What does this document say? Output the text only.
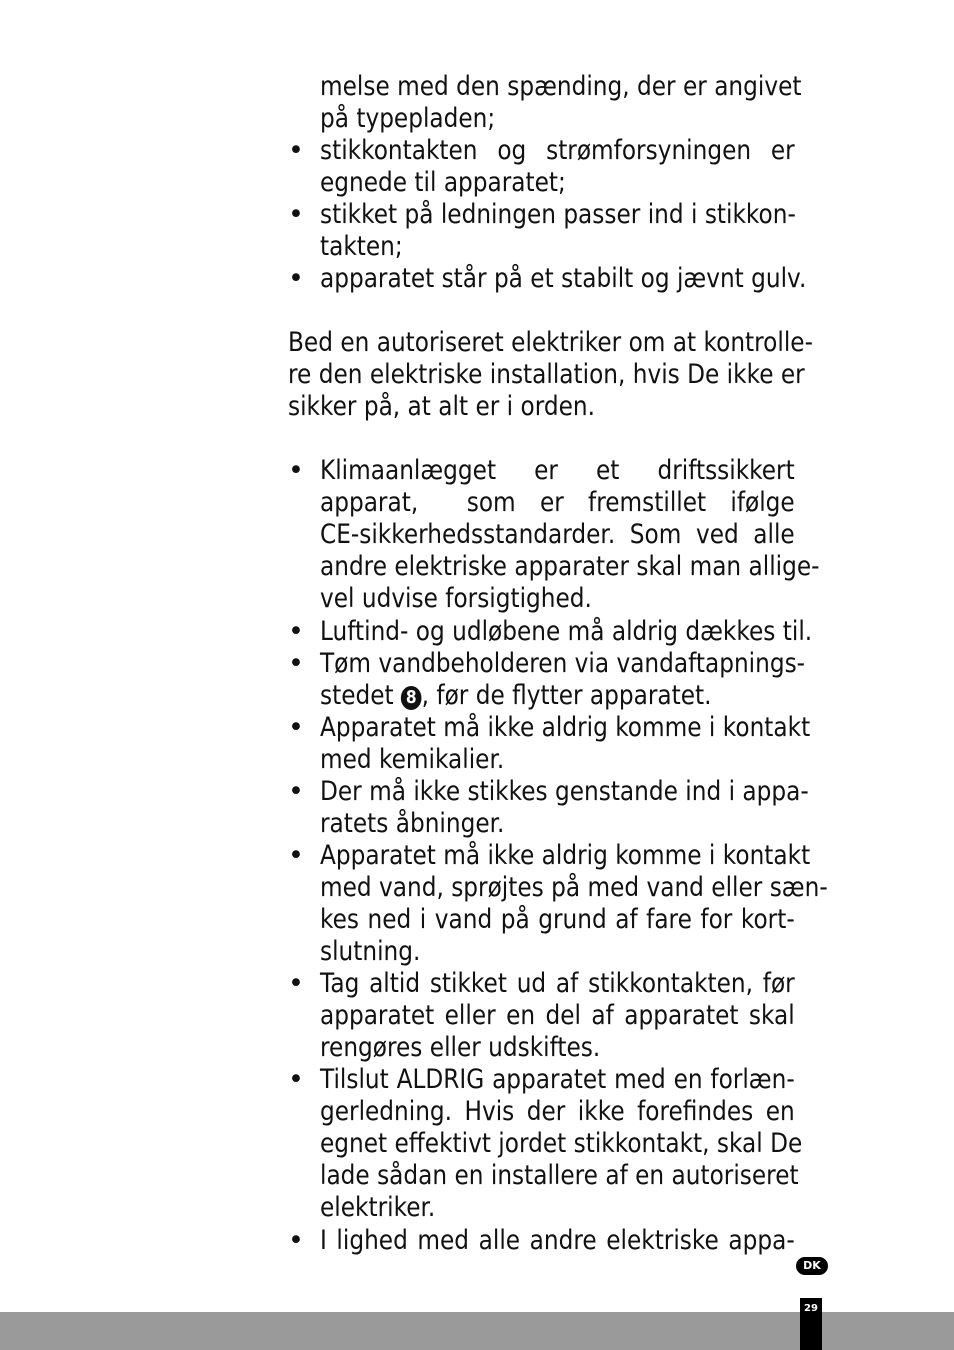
melse med den spænding, der er angivet
på typepladen;
• stikkontakten og strømforsyningen er
egnede til apparatet;
• stikket på ledningen passer ind i stikkon-
takten;
• apparatet står på et stabilt og jævnt gulv.
Bed en autoriseret elektriker om at kontrolle-
re den elektriske installation, hvis De ikke er
sikker på, at alt er i orden.
• Klimaanlægget er et driftssikkert
apparat,  som er fremstillet ifølge
CE-sikkerhedsstandarder. Som ved alle
andre elektriske apparater skal man allige-
vel udvise forsigtighed.
• Luftind- og udløbene må aldrig dækkes til.
• Tøm vandbeholderen via vandaftapnings-
stedet 8 , før de flytter apparatet.
• Apparatet må ikke aldrig komme i kontakt
med kemikalier.
• Der må ikke stikkes genstande ind i appa-
ratets åbninger.
• Apparatet må ikke aldrig komme i kontakt
med vand, sprøjtes på med vand eller sæn-
kes ned i vand på grund af fare for kort-
slutning.
• Tag altid stikket ud af stikkontakten, før
apparatet eller en del af apparatet skal
rengøres eller udskiftes.
• Tilslut ALDRIG apparatet med en forlæn-
gerledning. Hvis der ikke forefindes en
egnet effektivt jordet stikkontakt, skal De
lade sådan en installere af en autoriseret
elektriker.
• I lighed med alle andre elektriske appa-
DK
29
